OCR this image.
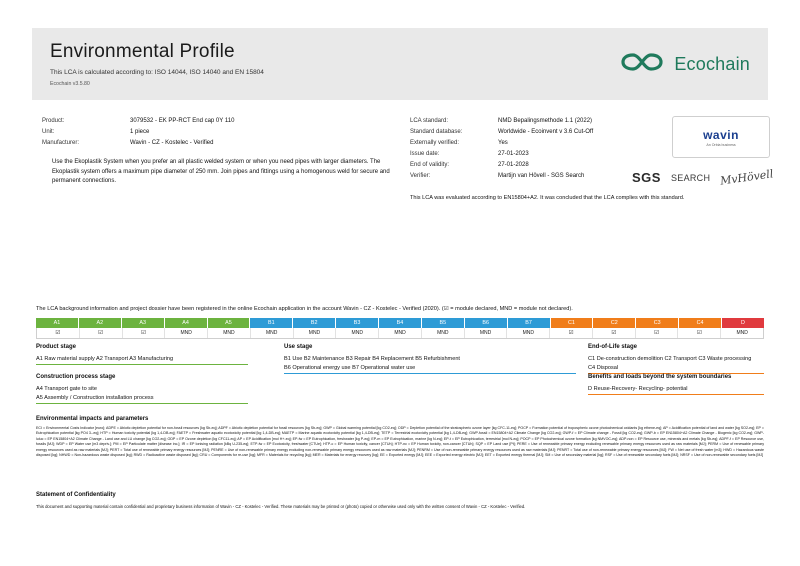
Environmental Profile
This LCA is calculated according to: ISO 14044, ISO 14040 and EN 15804
Ecochain v3.5.80
Ecochain
Product:	3079532 - EK PP-RCT End cap 0Y 110
Unit:	1 piece
Manufacturer:	Wavin - CZ - Kostelec - Verified
Use the Ekoplastik System when you prefer an all plastic welded system or when you need pipes with larger diameters. The Ekoplastik system offers a maximum pipe diameter of 250 mm. Join pipes and fittings using a homogenous weld for secure and permanent connections.
LCA standard:	NMD Bepalingsmethode 1.1 (2022)
Standard database:	Worldwide - Ecoinvent v 3.6 Cut-Off
Externally verified:	Yes
Issue date:	27-01-2023
End of validity:	27-01-2028
Verifier:	Martijn van Hövell - SGS Search
wavin
An Orbia business
SGS SEARCH MvHövell
This LCA was evaluated according to EN15804+A2. It was concluded that the LCA complies with this standard.
The LCA background information and project dossier have been registered in the online Ecochain application in the account Wavin - CZ - Kostelec - Verified (2020). (☑ = module declared, MND = module not declared).
A1	A2	A3	A4	A5	B1	B2	B3	B4	B5	B6	B7	C1	C2	C3	C4	D
☑	☑	☑	MND	MND	MND	MND	MND	MND	MND	MND	MND	☑	☑	☑	☑	MND
Product stage
A1 Raw material supply A2 Transport A3 Manufacturing
Use stage
B1 Use B2 Maintenance B3 Repair B4 Replacement B5 Refurbishment
B6 Operational energy use B7 Operational water use
End-of-Life stage
C1 De-construction demolition C2 Transport C3 Waste processing
C4 Disposal
Construction process stage
A4 Transport gate to site
A5 Assembly / Construction installation process
Benefits and loads beyond the system boundaries
D Reuse-Recovery- Recycling- potential
Environmental impacts and parameters
ECI = Environmental Costs Indicator [euro]; ADPE = Abiotic depletion potential for non-fossil resources [kg Sb-eq]; ADPF = Abiotic depletion potential for fossil resources [kg Sb-eq]; GWP = Global warming potential [kg CO2-eq]; ODP = Depletion potential of the stratospheric ozone layer [kg CFC-11-eq]; POCP = Formation potential of tropospheric ozone photochemical oxidants [kg ethene-eq]; AP = Acidification potential of land and water [kg SO2-eq]; EP = Eutrophication potential [kg PO4 3--eq]; HTP = Human toxicity potential [kg 1,4-DB-eq]; FAETP = Freshwater aquatic ecotoxicity potential [kg 1,4-DB-eq]; MAETP = Marine aquatic ecotoxicity potential [kg 1,4-DB-eq]; TETP = Terrestrial ecotoxicity potential [kg 1,4-DB-eq]; GWP-fossil = EN15804+A2 Climate Change [kg CO2-eq]; GWP-f = EP Climate change - Fossil [kg CO2-eq]; GWP-b = EP EN15804+A2 Climate Change - Biogenic [kg CO2-eq]; GWP-luluc = EP EN15804+A2 Climate Change - Land use and LU change [kg CO2-eq]; ODP = EP Ozone depletion [kg CFC11-eq]; AP = EP Acidification [mol H+-eq]; EP-fw = EP Eutrophication, freshwater [kg P-eq]; EP-m = EP Eutrophication, marine [kg N-eq]; EP-t = EP Eutrophication, terrestrial [mol N-eq]; POCP = EP Photochemical ozone formation [kg NMVOC-eq]; ADP-non = EP Resource use, minerals and metals [kg Sb-eq]; ADPF-f = EP Resource use, fossils [MJ]; WDP = EP Water use [m3 depriv.]; PM = EP Particulate matter [disease inc.]; IR = EP Ionising radiation [kBq U-235-eq]; ETP-fw = EP Ecotoxicity, freshwater [CTUe]; HTP-c = EP Human toxicity, cancer [CTUh]; HTP-nc = EP Human toxicity, non-cancer [CTUh]; SQP = EP Land use [Pt]; PERE = Use of renewable primary energy excluding renewable primary energy resources used as raw materials [MJ]; PERM = Use of renewable primary energy resources used as raw materials [MJ]; PERT = Total use of renewable primary energy resources [MJ]; PENRE = Use of non-renewable primary energy excluding non-renewable primary energy resources used as raw materials [MJ]; PENRM = Use of non-renewable primary energy resources used as raw materials [MJ]; PENRT = Total use of non-renewable primary energy resources [MJ]; FW = Net use of fresh water [m3]; HWD = Hazardous waste disposed [kg]; NHWD = Non-hazardous waste disposed [kg]; RWD = Radioactive waste disposed [kg]; CRU = Components for re-use [kg]; MFR = Materials for recycling [kg]; MER = Materials for energy recovery [kg]; EE = Exported energy [MJ]; EEE = Exported energy electric [MJ]; EET = Exported energy thermal [MJ]; SM = Use of secondary material [kg]; RSF = Use of renewable secondary fuels [MJ]; NRSF = Use of non-renewable secondary fuels [MJ]
Statement of Confidentiality
This document and supporting material contain confidential and proprietary business information of Wavin - CZ - Kostelec - Verified. These materials may be printed or (photo) copied or otherwise used only with the written consent of Wavin - CZ - Kostelec - Verified.
